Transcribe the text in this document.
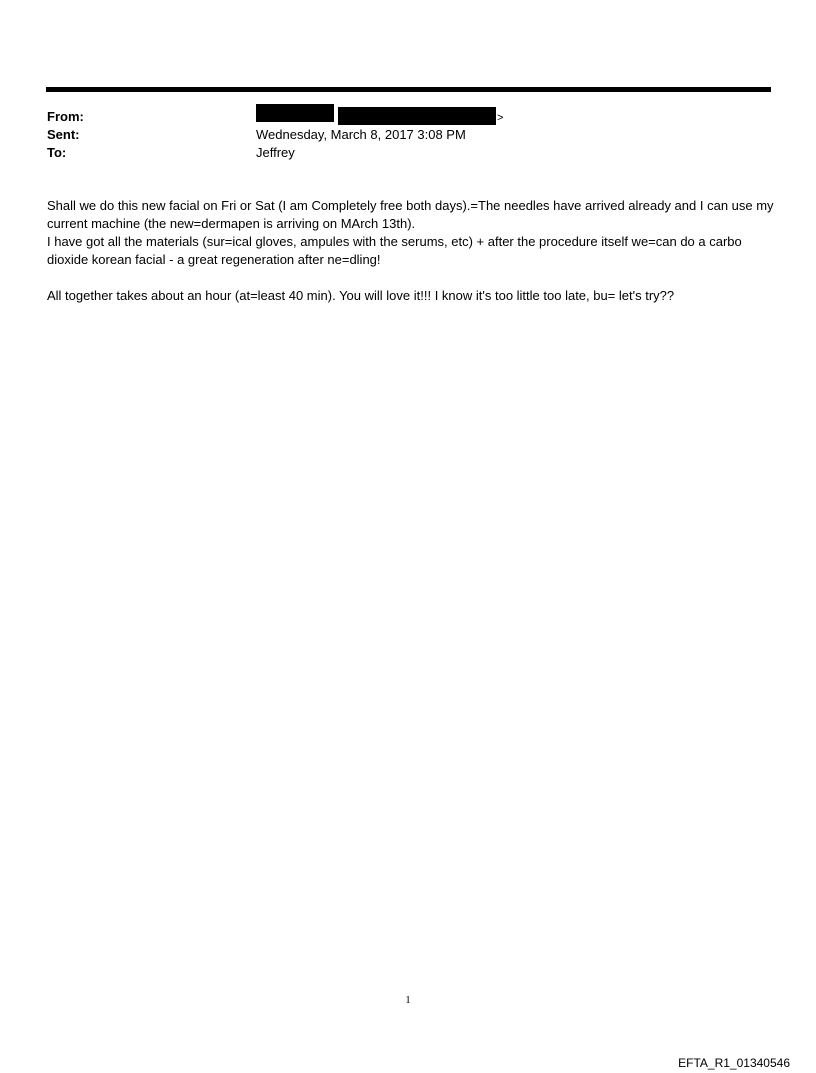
From:	>
Sent:	Wednesday, March 8, 2017 3:08 PM
To:	Jeffrey

Shall we do this new facial on Fri or Sat (I am Completely free both days).=The needles have arrived already and I can use my current machine (the new=dermapen is arriving on MArch 13th).

I have got all the materials (sur=ical gloves, ampules with the serums, etc) + after the procedure itself we=can do a carbo dioxide korean facial - a great regeneration after ne=dling!

All together takes about an hour (at=least 40 min). You will love it!!! I know it's too little too late, bu= let's try??

1
EFTA_R1_01340546
